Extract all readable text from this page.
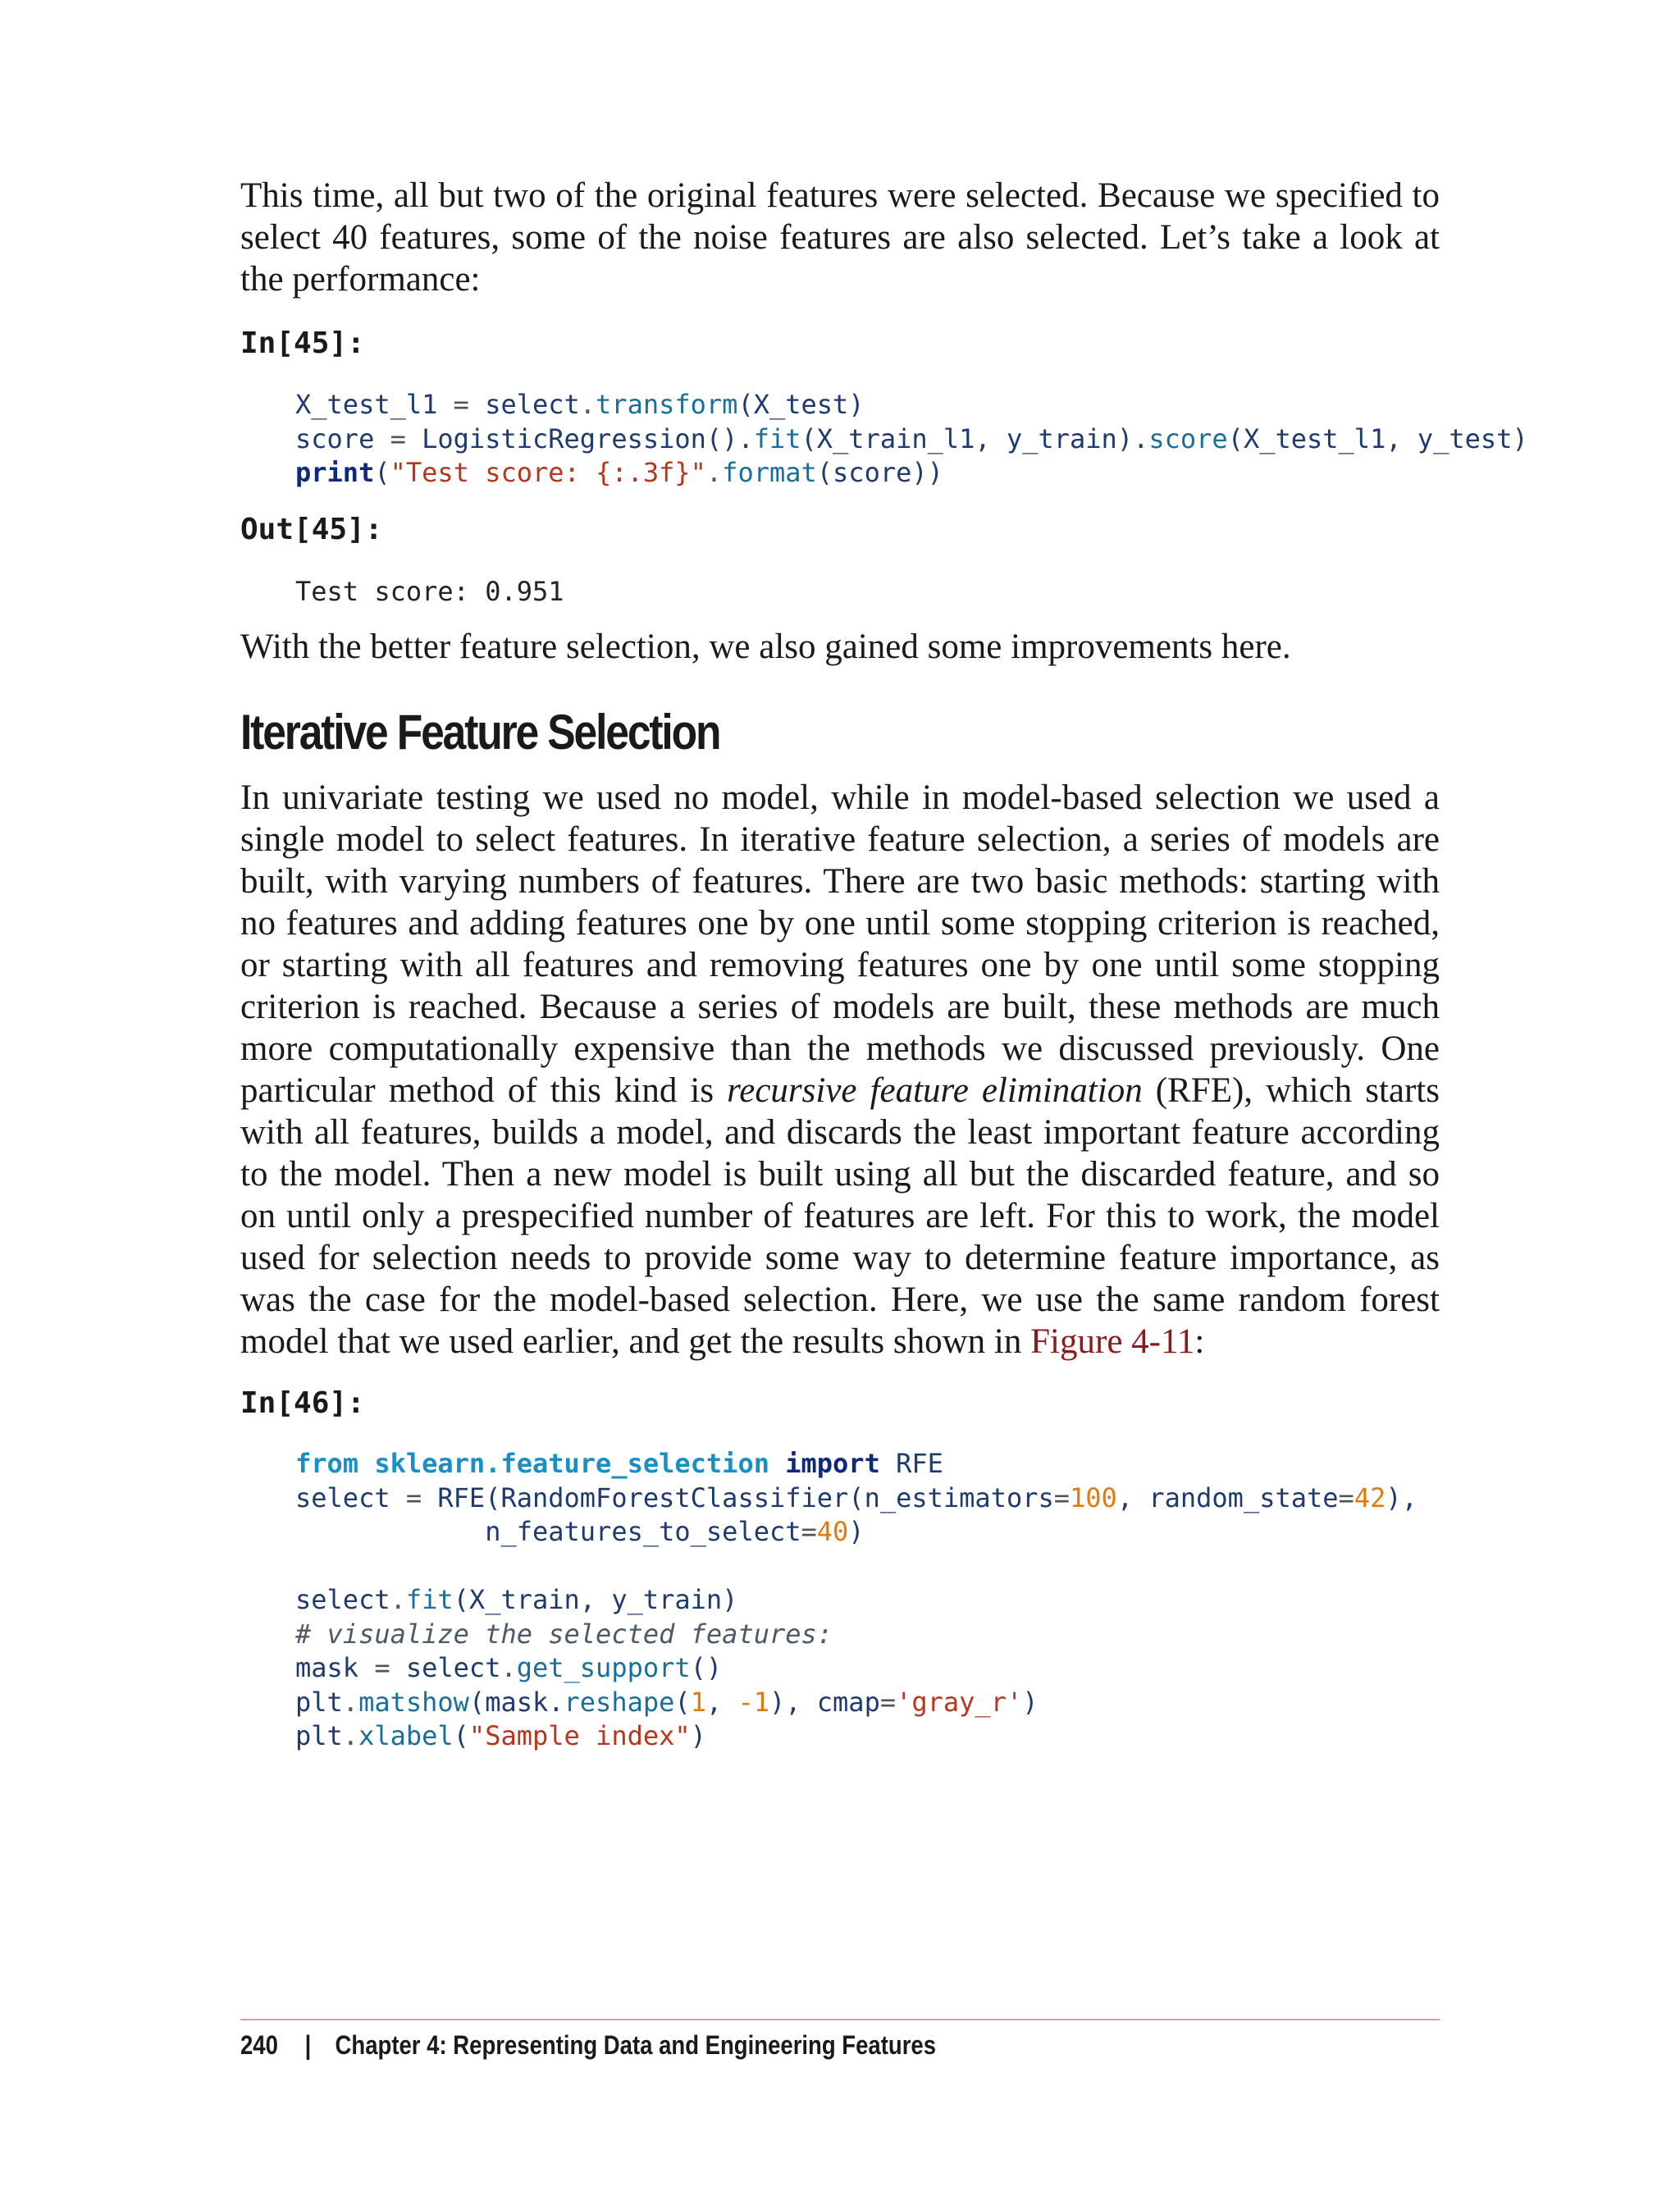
This time, all but two of the original features were selected. Because we specified to select 40 features, some of the noise features are also selected. Let’s take a look at the performance:

In[45]:

X_test_l1 = select.transform(X_test)
score = LogisticRegression().fit(X_train_l1, y_train).score(X_test_l1, y_test)
print("Test score: {:.3f}".format(score))

Out[45]:

Test score: 0.951

With the better feature selection, we also gained some improvements here.

Iterative Feature Selection

In univariate testing we used no model, while in model-based selection we used a single model to select features. In iterative feature selection, a series of models are built, with varying numbers of features. There are two basic methods: starting with no features and adding features one by one until some stopping criterion is reached, or starting with all features and removing features one by one until some stopping criterion is reached. Because a series of models are built, these methods are much more computationally expensive than the methods we discussed previously. One particular method of this kind is recursive feature elimination (RFE), which starts with all features, builds a model, and discards the least important feature according to the model. Then a new model is built using all but the discarded feature, and so on until only a prespecified number of features are left. For this to work, the model used for selection needs to provide some way to determine feature importance, as was the case for the model-based selection. Here, we use the same random forest model that we used earlier, and get the results shown in Figure 4-11:

In[46]:

from sklearn.feature_selection import RFE
select = RFE(RandomForestClassifier(n_estimators=100, random_state=42),
n_features_to_select=40)

select.fit(X_train, y_train)
# visualize the selected features:
mask = select.get_support()
plt.matshow(mask.reshape(1, -1), cmap='gray_r')
plt.xlabel("Sample index")
240 | Chapter 4: Representing Data and Engineering Features
